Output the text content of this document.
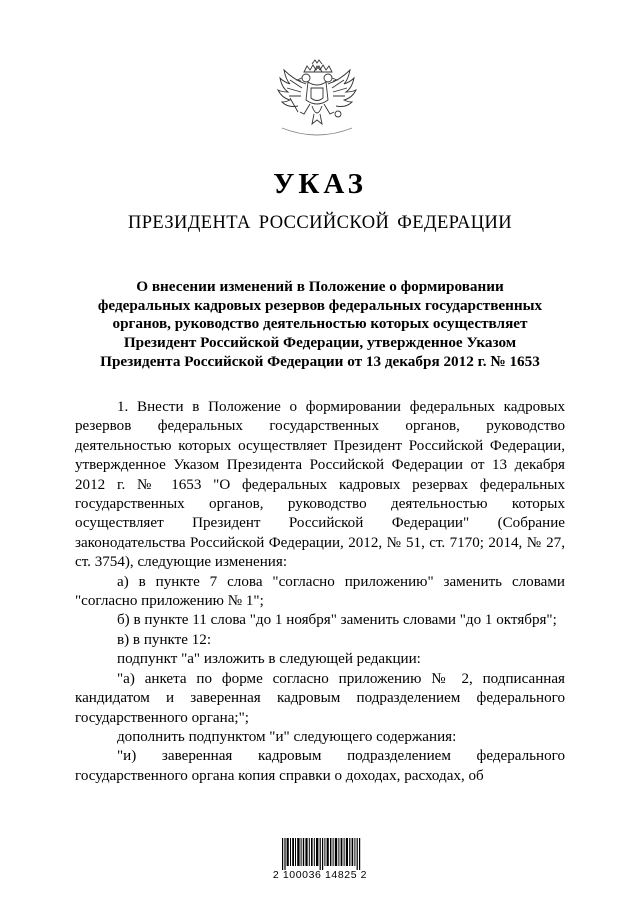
УКАЗ
ПРЕЗИДЕНТА РОССИЙСКОЙ ФЕДЕРАЦИИ
О внесении изменений в Положение о формировании
федеральных кадровых резервов федеральных государственных
органов, руководство деятельностью которых осуществляет
Президент Российской Федерации, утвержденное Указом
Президента Российской Федерации от 13 декабря 2012 г. № 1653

1. Внести в Положение о формировании федеральных кадровых резервов федеральных государственных органов, руководство деятельностью которых осуществляет Президент Российской Федерации, утвержденное Указом Президента Российской Федерации от 13 декабря 2012 г. № 1653 "О федеральных кадровых резервах федеральных государственных органов, руководство деятельностью которых осуществляет Президент Российской Федерации" (Собрание законодательства Российской Федерации, 2012, № 51, ст. 7170; 2014, № 27, ст. 3754), следующие изменения:

а) в пункте 7 слова "согласно приложению" заменить словами "согласно приложению № 1";

б) в пункте 11 слова "до 1 ноября" заменить словами "до 1 октября";

в) в пункте 12:

подпункт "а" изложить в следующей редакции:

"а) анкета по форме согласно приложению № 2, подписанная кандидатом и заверенная кадровым подразделением федерального государственного органа;";

дополнить подпунктом "и" следующего содержания:

"и) заверенная кадровым подразделением федерального государственного органа копия справки о доходах, расходах, об

2 100036 14825 2
